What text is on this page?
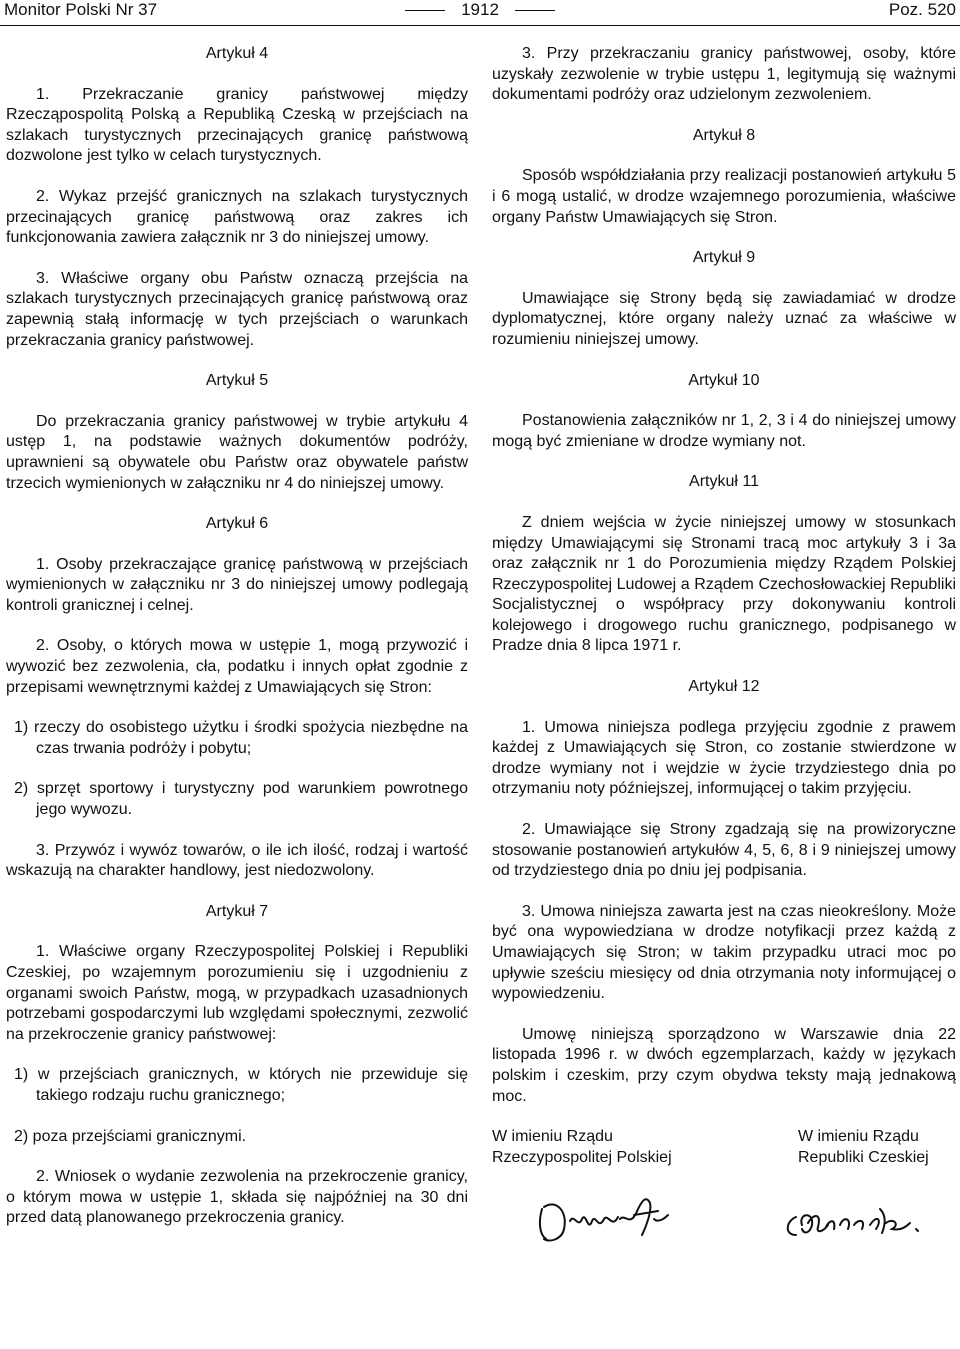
Monitor Polski Nr 37	1912	Poz. 520
Artykuł 4

1. Przekraczanie granicy państwowej między Rzecząpospolitą Polską a Republiką Czeską w przejściach na szlakach turystycznych przecinających granicę państwową dozwolone jest tylko w celach turystycznych.

2. Wykaz przejść granicznych na szlakach turystycznych przecinających granicę państwową oraz zakres ich funkcjonowania zawiera załącznik nr 3 do niniejszej umowy.

3. Właściwe organy obu Państw oznaczą przejścia na szlakach turystycznych przecinających granicę państwową oraz zapewnią stałą informację w tych przejściach o warunkach przekraczania granicy państwowej.

Artykuł 5

Do przekraczania granicy państwowej w trybie artykułu 4 ustęp 1, na podstawie ważnych dokumentów podróży, uprawnieni są obywatele obu Państw oraz obywatele państw trzecich wymienionych w załączniku nr 4 do niniejszej umowy.

Artykuł 6

1. Osoby przekraczające granicę państwową w przejściach wymienionych w załączniku nr 3 do niniejszej umowy podlegają kontroli granicznej i celnej.

2. Osoby, o których mowa w ustępie 1, mogą przywozić i wywozić bez zezwolenia, cła, podatku i innych opłat zgodnie z przepisami wewnętrznymi każdej z Umawiających się Stron:

1) rzeczy do osobistego użytku i środki spożycia niezbędne na czas trwania podróży i pobytu;
2) sprzęt sportowy i turystyczny pod warunkiem powrotnego jego wywozu.

3. Przywóz i wywóz towarów, o ile ich ilość, rodzaj i wartość wskazują na charakter handlowy, jest niedozwolony.

Artykuł 7

1. Właściwe organy Rzeczypospolitej Polskiej i Republiki Czeskiej, po wzajemnym porozumieniu się i uzgodnieniu z organami swoich Państw, mogą, w przypadkach uzasadnionych potrzebami gospodarczymi lub względami społecznymi, zezwolić na przekroczenie granicy państwowej:

1) w przejściach granicznych, w których nie przewiduje się takiego rodzaju ruchu granicznego;
2) poza przejściami granicznymi.

2. Wniosek o wydanie zezwolenia na przekroczenie granicy, o którym mowa w ustępie 1, składa się najpóźniej na 30 dni przed datą planowanego przekroczenia granicy.

3. Przy przekraczaniu granicy państwowej, osoby, które uzyskały zezwolenie w trybie ustępu 1, legitymują się ważnymi dokumentami podróży oraz udzielonym zezwoleniem.

Artykuł 8

Sposób współdziałania przy realizacji postanowień artykułu 5 i 6 mogą ustalić, w drodze wzajemnego porozumienia, właściwe organy Państw Umawiających się Stron.

Artykuł 9

Umawiające się Strony będą się zawiadamiać w drodze dyplomatycznej, które organy należy uznać za właściwe w rozumieniu niniejszej umowy.

Artykuł 10

Postanowienia załączników nr 1, 2, 3 i 4 do niniejszej umowy mogą być zmieniane w drodze wymiany not.

Artykuł 11

Z dniem wejścia w życie niniejszej umowy w stosunkach między Umawiającymi się Stronami tracą moc artykuły 3 i 3a oraz załącznik nr 1 do Porozumienia między Rządem Polskiej Rzeczypospolitej Ludowej a Rządem Czechosłowackiej Republiki Socjalistycznej o współpracy przy dokonywaniu kontroli kolejowego i drogowego ruchu granicznego, podpisanego w Pradze dnia 8 lipca 1971 r.

Artykuł 12

1. Umowa niniejsza podlega przyjęciu zgodnie z prawem każdej z Umawiających się Stron, co zostanie stwierdzone w drodze wymiany not i wejdzie w życie trzydziestego dnia po otrzymaniu noty późniejszej, informującej o takim przyjęciu.

2. Umawiające się Strony zgadzają się na prowizoryczne stosowanie postanowień artykułów 4, 5, 6, 8 i 9 niniejszej umowy od trzydziestego dnia po dniu jej podpisania.

3. Umowa niniejsza zawarta jest na czas nieokreślony. Może być ona wypowiedziana w drodze notyfikacji przez każdą z Umawiających się Stron; w takim przypadku utraci moc po upływie sześciu miesięcy od dnia otrzymania noty informującej o wypowiedzeniu.

Umowę niniejszą sporządzono w Warszawie dnia 22 listopada 1996 r. w dwóch egzemplarzach, każdy w językach polskim i czeskim, przy czym obydwa teksty mają jednakową moc.

W imieniu Rządu
Rzeczypospolitej Polskiej
W imieniu Rządu
Republiki Czeskiej
